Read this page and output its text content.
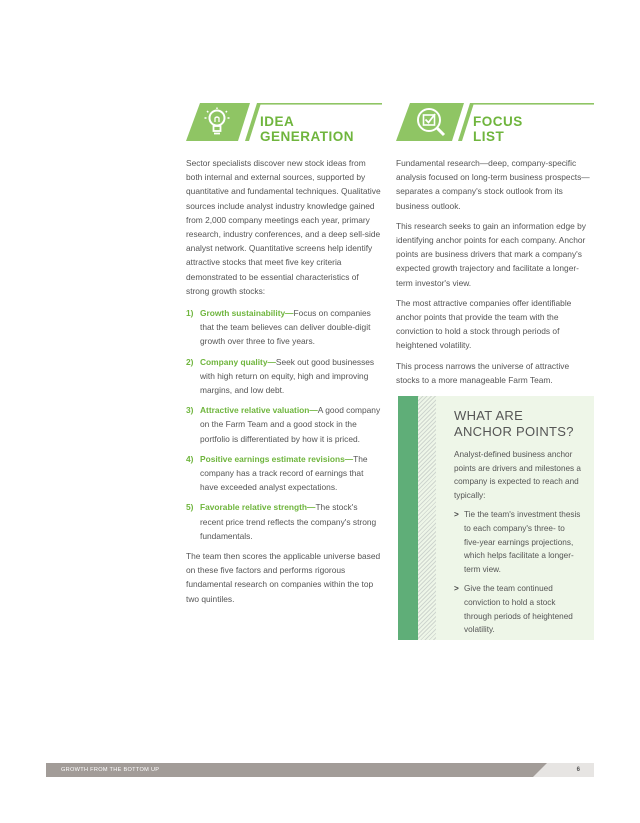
IDEA
GENERATION

Sector specialists discover new stock ideas from both internal and external sources, supported by quantitative and fundamental techniques. Qualitative sources include analyst industry knowledge gained from 2,000 company meetings each year, primary research, industry conferences, and a deep sell-side analyst network. Quantitative screens help identify attractive stocks that meet five key criteria demonstrated to be essential characteristics of strong growth stocks:

1) Growth sustainability—Focus on companies that the team believes can deliver double-digit growth over three to five years.
2) Company quality—Seek out good businesses with high return on equity, high and improving margins, and low debt.
3) Attractive relative valuation—A good company on the Farm Team and a good stock in the portfolio is differentiated by how it is priced.
4) Positive earnings estimate revisions—The company has a track record of earnings that have exceeded analyst expectations.
5) Favorable relative strength—The stock's recent price trend reflects the company's strong fundamentals.

The team then scores the applicable universe based on these five factors and performs rigorous fundamental research on companies within the top two quintiles.

FOCUS
LIST

Fundamental research—deep, company-specific analysis focused on long-term business prospects—separates a company's stock outlook from its business outlook.

This research seeks to gain an information edge by identifying anchor points for each company. Anchor points are business drivers that mark a company's expected growth trajectory and facilitate a longer-term investor's view.

The most attractive companies offer identifiable anchor points that provide the team with the conviction to hold a stock through periods of heightened volatility.

This process narrows the universe of attractive stocks to a more manageable Farm Team.

WHAT ARE
ANCHOR POINTS?

Analyst-defined business anchor points are drivers and milestones a company is expected to reach and typically:

> Tie the team's investment thesis to each company's three- to five-year earnings projections, which helps facilitate a longer-term view.
> Give the team continued conviction to hold a stock through periods of heightened volatility.
GROWTH FROM THE BOTTOM UP	6
